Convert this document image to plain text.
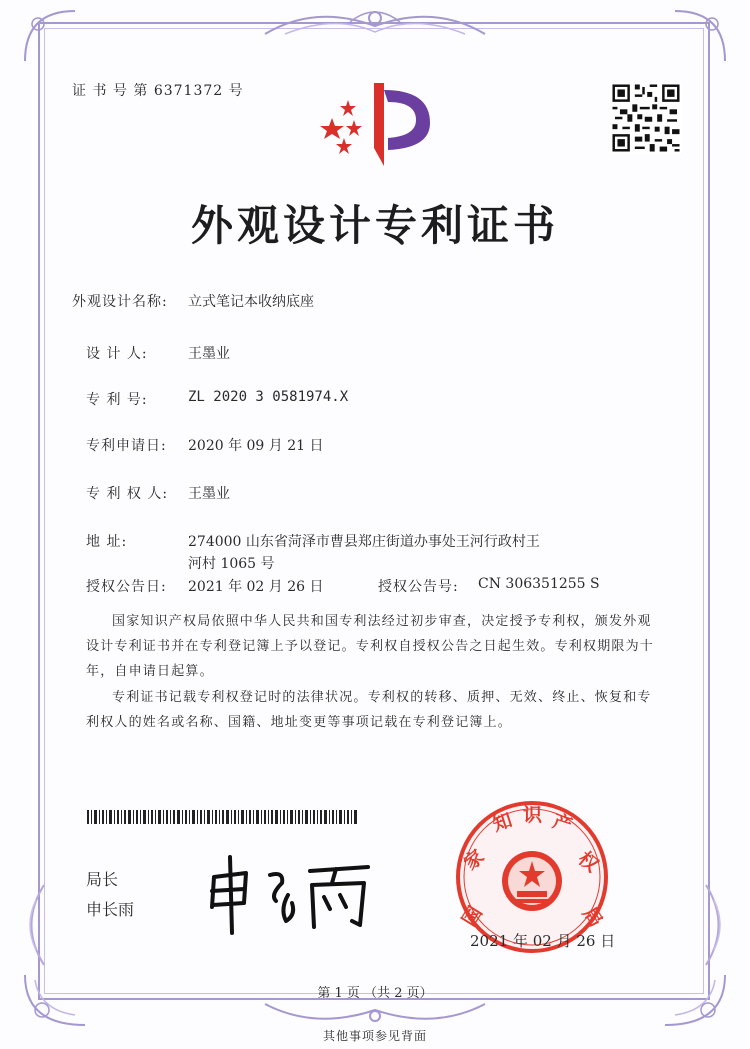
证 书 号 第 6371372 号
外观设计专利证书
外观设计名称: 立式笔记本收纳底座
设 计 人:	王墨业
专 利 号:	ZL 2020 3 0581974.X
专利申请日: 2020 年 09 月 21 日
专 利 权 人: 王墨业
地 址:	274000 山东省菏泽市曹县郑庄街道办事处王河行政村王
河村 1065 号
授权公告日: 2021 年 02 月 26 日	授权公告号: CN 306351255 S
国家知识产权局依照中华人民共和国专利法经过初步审查，决定授予专利权，颁发外观
设计专利证书并在专利登记簿上予以登记。专利权自授权公告之日起生效。专利权期限为十
年，自申请日起算。
专利证书记载专利权登记时的法律状况。专利权的转移、质押、无效、终止、恢复和专
利权人的姓名或名称、国籍、地址变更等事项记载在专利登记簿上。
局长
申长雨	国
家
知 识 产
权
局
2021 年 02 月 26 日
第 1 页 （共 2 页）
其他事项参见背面
